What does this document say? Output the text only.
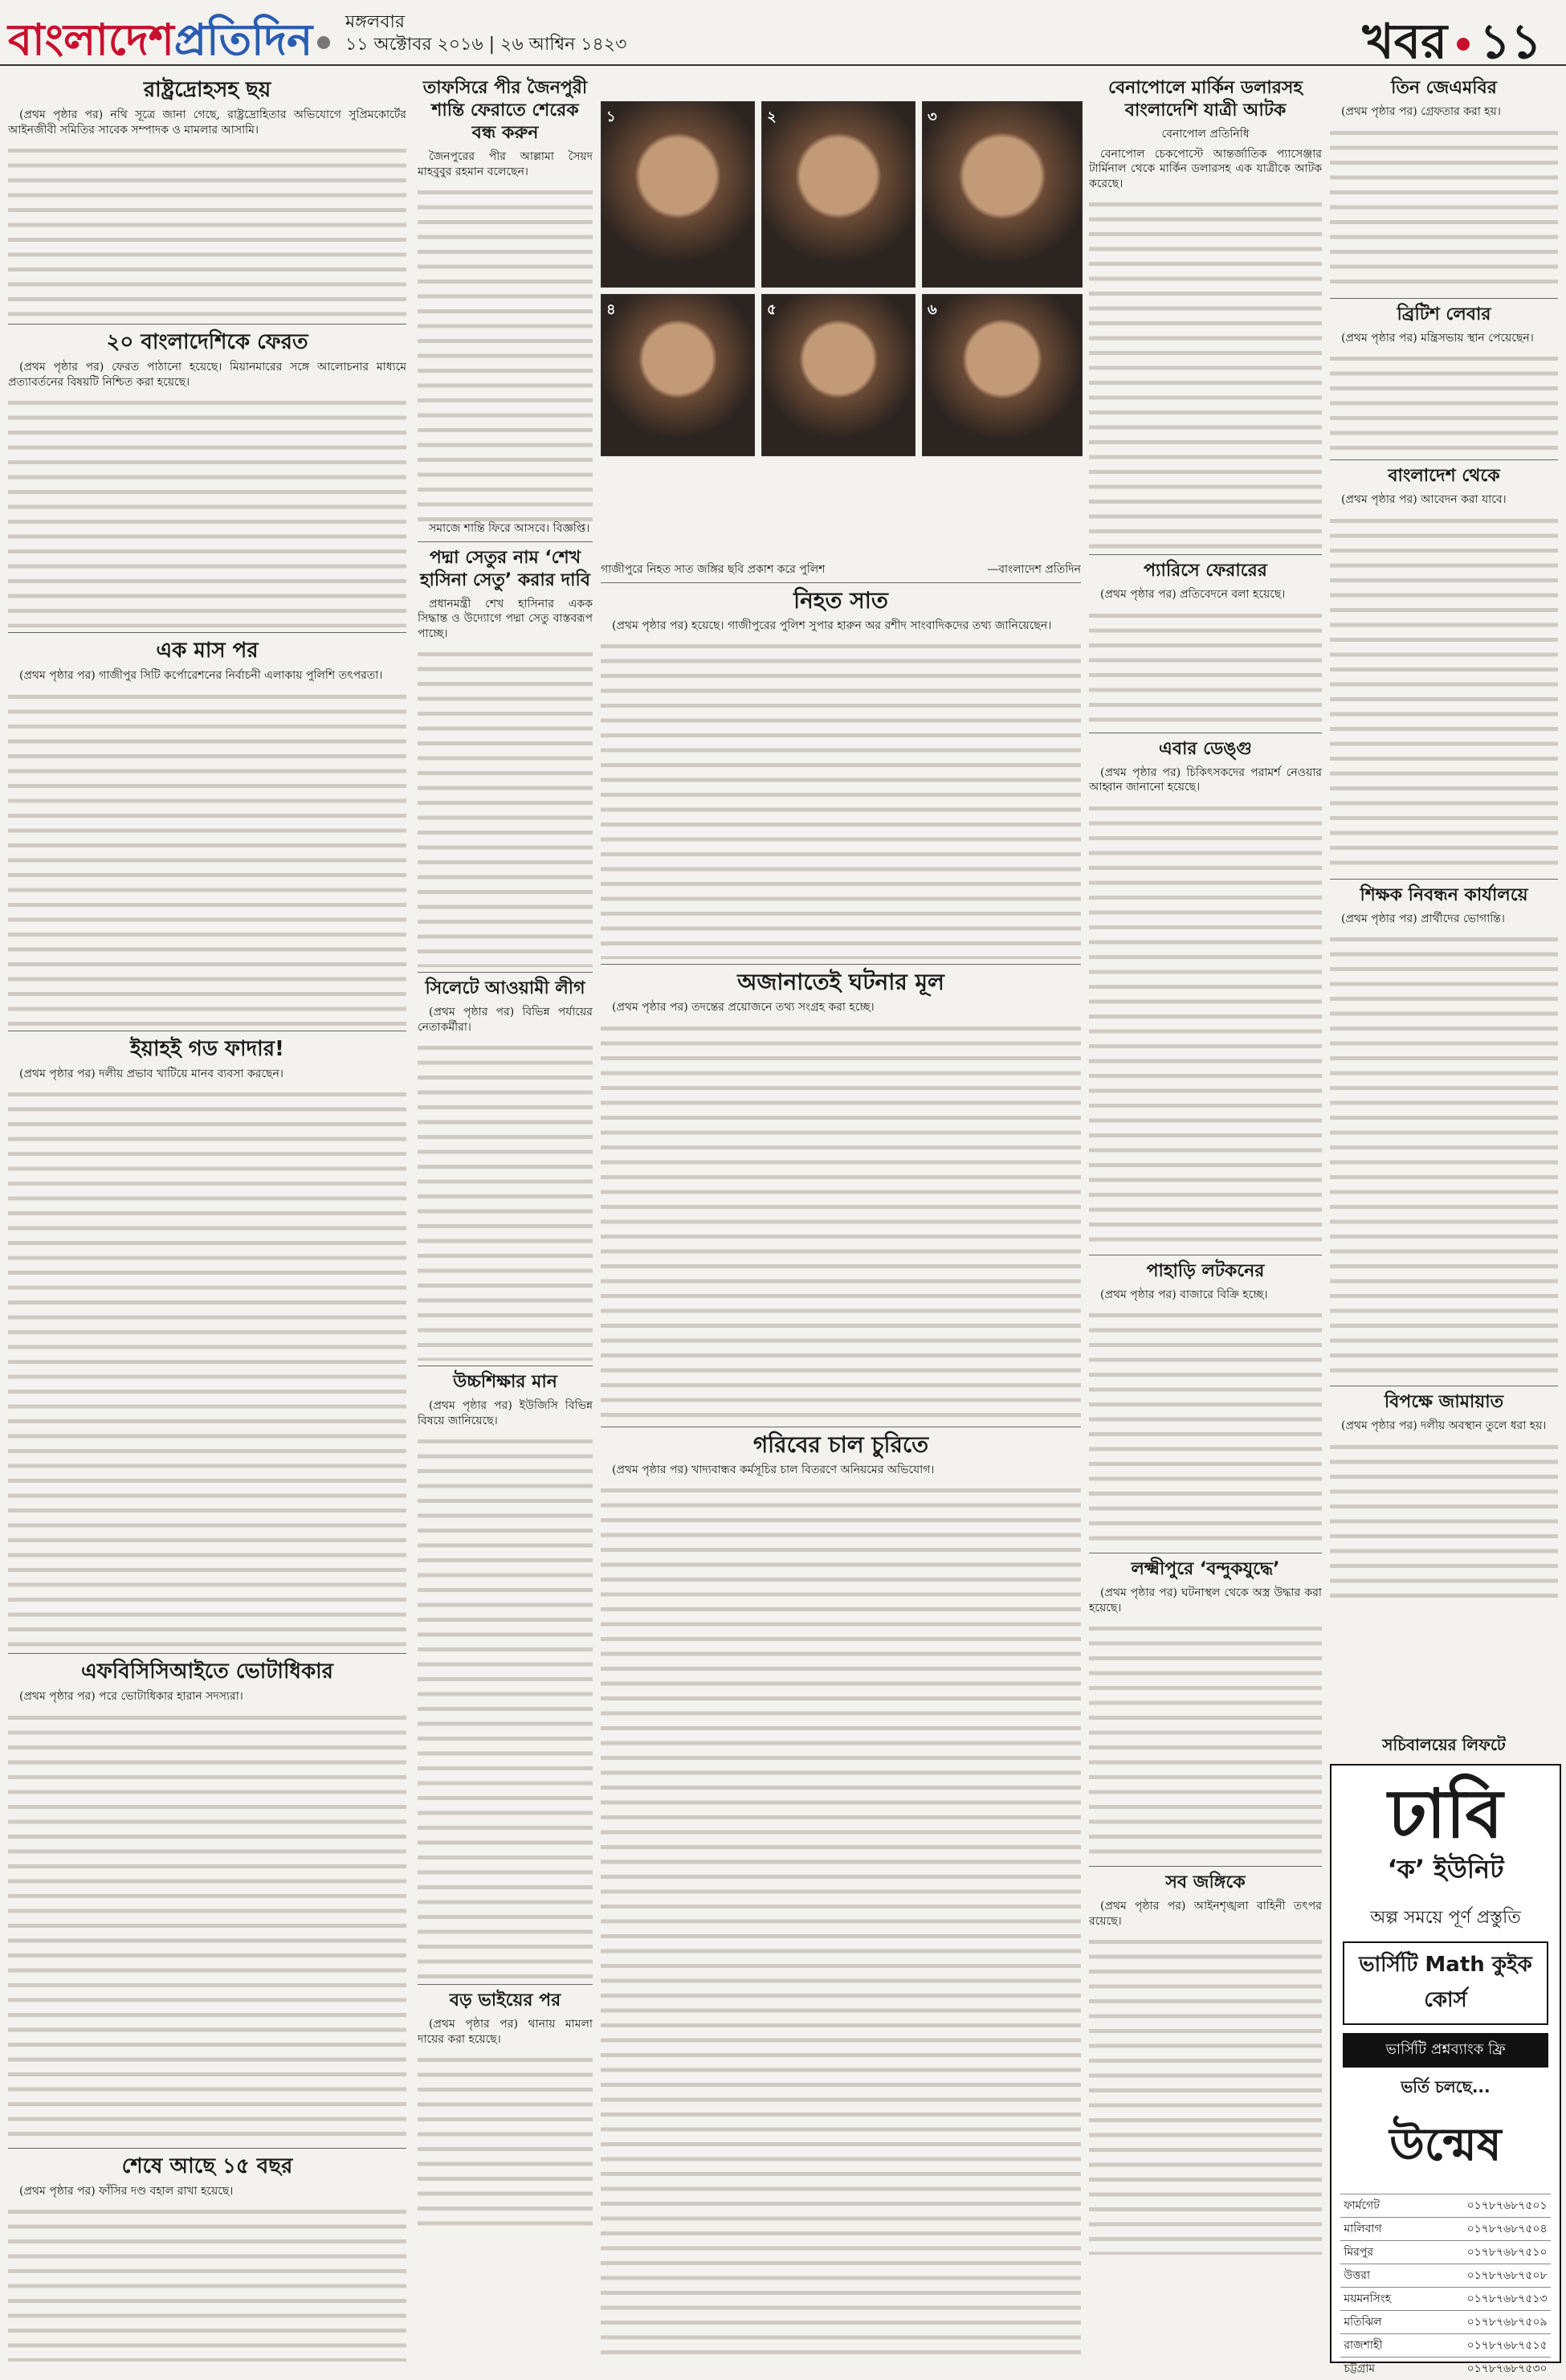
বাংলাদেশপ্রতিদিন	মঙ্গলবার
১১ অক্টোবর ২০১৬ | ২৬ আশ্বিন ১৪২৩	খবর ১১
রাষ্ট্রদ্রোহসহ ছয়

(প্রথম পৃষ্ঠার পর) নথি সূত্রে জানা গেছে, রাষ্ট্রদ্রোহিতার অভিযোগে সুপ্রিমকোর্টের আইনজীবী সমিতির সাবেক সম্পাদক ও মামলার আসামি।

২০ বাংলাদেশিকে ফেরত

(প্রথম পৃষ্ঠার পর) ফেরত পাঠানো হয়েছে। মিয়ানমারের সঙ্গে আলোচনার মাধ্যমে প্রত্যাবর্তনের বিষয়টি নিশ্চিত করা হয়েছে।

এক মাস পর

(প্রথম পৃষ্ঠার পর) গাজীপুর সিটি কর্পোরেশনের নির্বাচনী এলাকায় পুলিশি তৎপরতা।

ইয়াহই গড ফাদার!

(প্রথম পৃষ্ঠার পর) দলীয় প্রভাব খাটিয়ে মানব ব্যবসা করছেন।

এফবিসিসিআইতে ভোটাধিকার

(প্রথম পৃষ্ঠার পর) পরে ভোটাধিকার হারান সদস্যরা।

শেষে আছে ১৫ বছর

(প্রথম পৃষ্ঠার পর) ফাঁসির দণ্ড বহাল রাখা হয়েছে।

তাফসিরে পীর জৈনপুরী শান্তি ফেরাতে শেরেক বন্ধ করুন

জৈনপুরের পীর আল্লামা সৈয়দ মাহবুবুর রহমান বলেছেন।

সমাজে শান্তি ফিরে আসবে। বিজ্ঞপ্তি।

পদ্মা সেতুর নাম ‘শেখ হাসিনা সেতু’ করার দাবি

প্রধানমন্ত্রী শেখ হাসিনার একক সিদ্ধান্ত ও উদ্যোগে পদ্মা সেতু বাস্তবরূপ পাচ্ছে।

সিলেটে আওয়ামী লীগ

(প্রথম পৃষ্ঠার পর) বিভিন্ন পর্যায়ের নেতাকর্মীরা।

উচ্চশিক্ষার মান

(প্রথম পৃষ্ঠার পর) ইউজিসি বিভিন্ন বিষয়ে জানিয়েছে।

বড় ভাইয়ের পর

(প্রথম পৃষ্ঠার পর) থানায় মামলা দায়ের করা হয়েছে।

১	২	৩
৪	৫	৬
গাজীপুরে নিহত সাত জঙ্গির ছবি প্রকাশ করে পুলিশ	—বাংলাদেশ প্রতিদিন
নিহত সাত

(প্রথম পৃষ্ঠার পর) হয়েছে। গাজীপুরের পুলিশ সুপার হারুন অর রশীদ সাংবাদিকদের তথ্য জানিয়েছেন।

অজানাতেই ঘটনার মূল

(প্রথম পৃষ্ঠার পর) তদন্তের প্রয়োজনে তথ্য সংগ্রহ করা হচ্ছে।

গরিবের চাল চুরিতে

(প্রথম পৃষ্ঠার পর) খাদ্যবান্ধব কর্মসূচির চাল বিতরণে অনিয়মের অভিযোগ।

বেনাপোলে মার্কিন ডলারসহ বাংলাদেশি যাত্রী আটক
বেনাপোল প্রতিনিধি

বেনাপোল চেকপোস্টে আন্তর্জাতিক প্যাসেঞ্জার টার্মিনাল থেকে মার্কিন ডলারসহ এক যাত্রীকে আটক করেছে।

প্যারিসে ফেরারের

(প্রথম পৃষ্ঠার পর) প্রতিবেদনে বলা হয়েছে।

এবার ডেঙ্গু

(প্রথম পৃষ্ঠার পর) চিকিৎসকদের পরামর্শ নেওয়ার আহ্বান জানানো হয়েছে।

পাহাড়ি লটকনের

(প্রথম পৃষ্ঠার পর) বাজারে বিক্রি হচ্ছে।

লক্ষ্মীপুরে ‘বন্দুকযুদ্ধে’

(প্রথম পৃষ্ঠার পর) ঘটনাস্থল থেকে অস্ত্র উদ্ধার করা হয়েছে।

সব জঙ্গিকে

(প্রথম পৃষ্ঠার পর) আইনশৃঙ্খলা বাহিনী তৎপর রয়েছে।

তিন জেএমবির

(প্রথম পৃষ্ঠার পর) গ্রেফতার করা হয়।

ব্রিটিশ লেবার

(প্রথম পৃষ্ঠার পর) মন্ত্রিসভায় স্থান পেয়েছেন।

বাংলাদেশ থেকে

(প্রথম পৃষ্ঠার পর) আবেদন করা যাবে।

শিক্ষক নিবন্ধন কার্যালয়ে

(প্রথম পৃষ্ঠার পর) প্রার্থীদের ভোগান্তি।

বিপক্ষে জামায়াত

(প্রথম পৃষ্ঠার পর) দলীয় অবস্থান তুলে ধরা হয়।

সচিবালয়ের লিফটে
ঢাবি
‘ক’ ইউনিট
অল্প সময়ে পূর্ণ প্রস্তুতি
ভার্সিটি Math কুইক কোর্স
ভার্সিটি প্রশ্নব্যাংক ফ্রি
ভর্তি চলছে...
উন্মেষ
ফার্মগেট	০১৭৮৭৬৮৭৫০১
মালিবাগ	০১৭৮৭৬৮৭৫০৪
মিরপুর	০১৭৮৭৬৮৭৫১০
উত্তরা	০১৭৮৭৬৮৭৫০৮
ময়মনসিংহ	০১৭৮৭৬৮৭৫১৩
মতিঝিল	০১৭৮৭৬৮৭৫০৯
রাজশাহী	০১৭৮৭৬৮৭৫১৫
চট্টগ্রাম	০১৭৮৭৬৮৭৫৩০
